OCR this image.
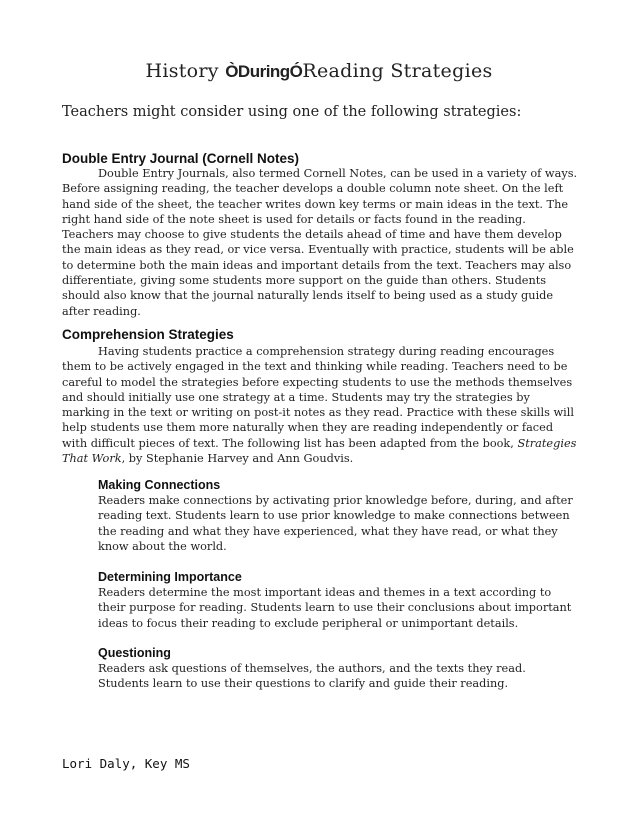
History ÒDuringÓReading Strategies
Teachers might consider using one of the following strategies:
Double Entry Journal (Cornell Notes)

Double Entry Journals, also termed Cornell Notes, can be used in a variety of ways. Before assigning reading, the teacher develops a double column note sheet. On the left hand side of the sheet, the teacher writes down key terms or main ideas in the text. The right hand side of the note sheet is used for details or facts found in the reading. Teachers may choose to give students the details ahead of time and have them develop the main ideas as they read, or vice versa. Eventually with practice, students will be able to determine both the main ideas and important details from the text. Teachers may also differentiate, giving some students more support on the guide than others. Students should also know that the journal naturally lends itself to being used as a study guide after reading.

Comprehension Strategies

Having students practice a comprehension strategy during reading encourages them to be actively engaged in the text and thinking while reading. Teachers need to be careful to model the strategies before expecting students to use the methods themselves and should initially use one strategy at a time. Students may try the strategies by marking in the text or writing on post-it notes as they read. Practice with these skills will help students use them more naturally when they are reading independently or faced with difficult pieces of text. The following list has been adapted from the book, Strategies That Work, by Stephanie Harvey and Ann Goudvis.

Making Connections

Readers make connections by activating prior knowledge before, during, and after reading text. Students learn to use prior knowledge to make connections between the reading and what they have experienced, what they have read, or what they know about the world.

Determining Importance

Readers determine the most important ideas and themes in a text according to their purpose for reading. Students learn to use their conclusions about important ideas to focus their reading to exclude peripheral or unimportant details.

Questioning

Readers ask questions of themselves, the authors, and the texts they read. Students learn to use their questions to clarify and guide their reading.

Lori Daly, Key MS
